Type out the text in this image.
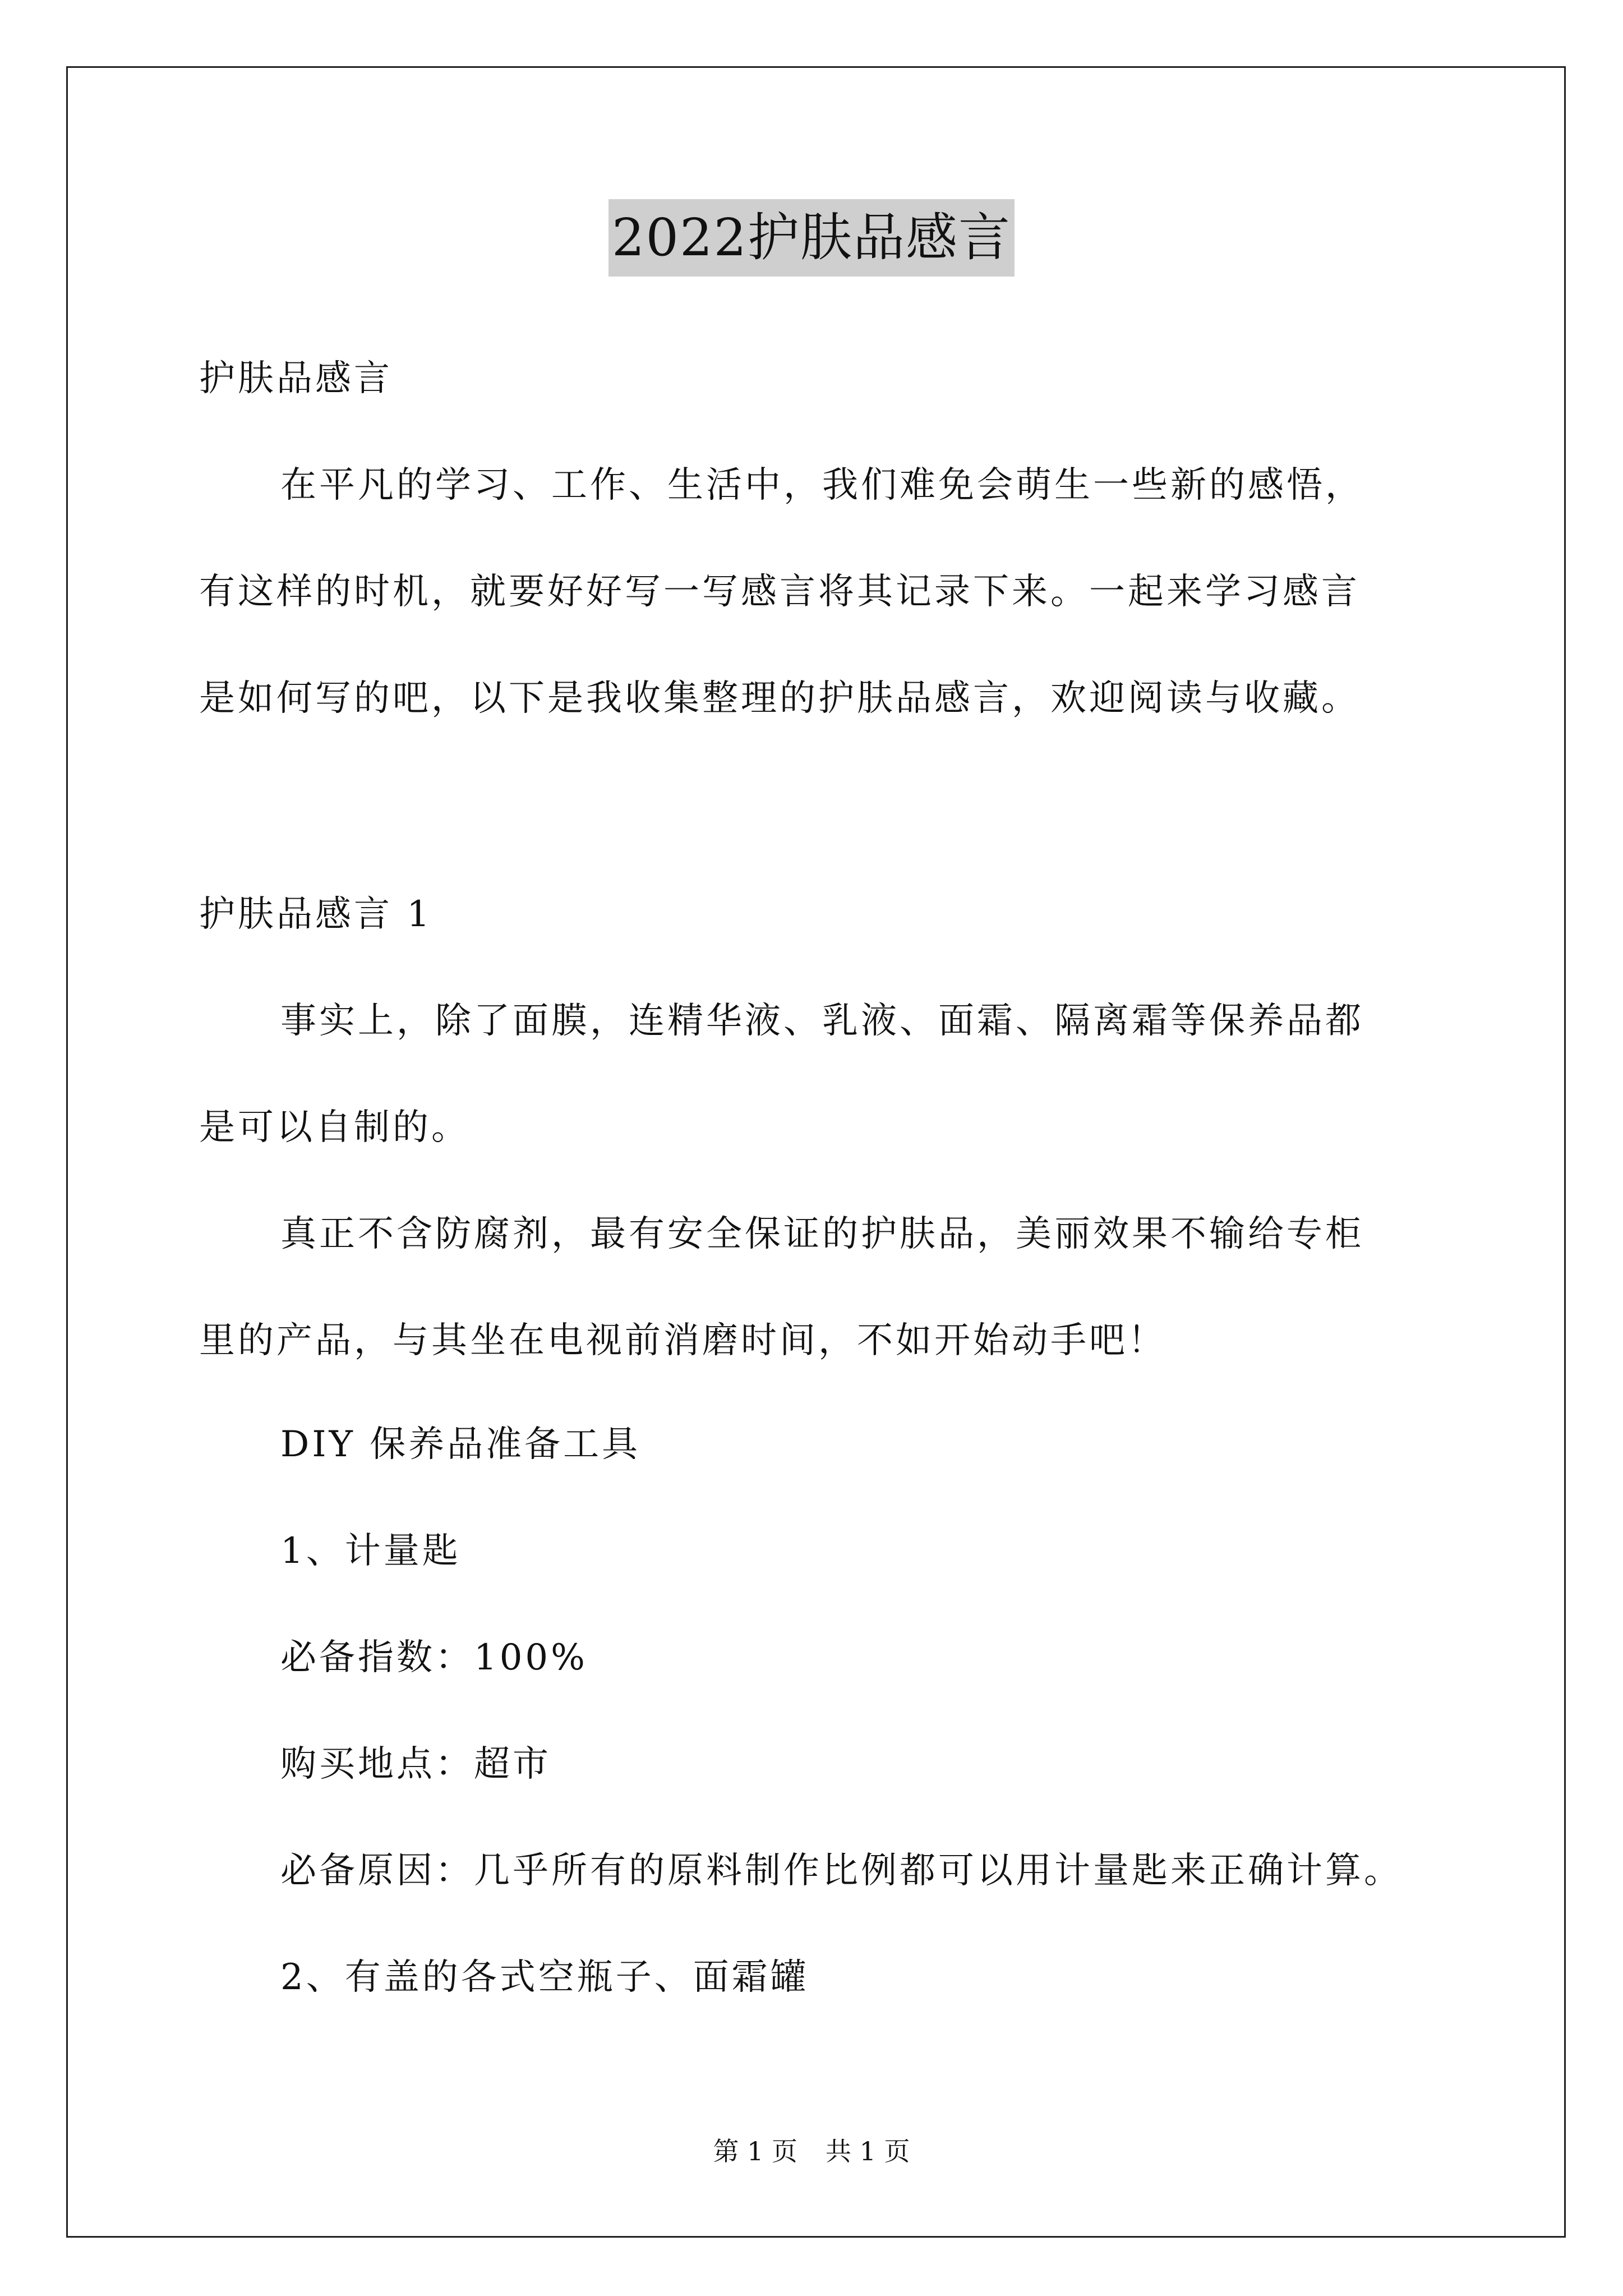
2022护肤品感言
护肤品感言
在平凡的学习、工作、生活中，我们难免会萌生一些新的感悟，
有这样的时机，就要好好写一写感言将其记录下来。一起来学习感言
是如何写的吧，以下是我收集整理的护肤品感言，欢迎阅读与收藏。
护肤品感言 1
事实上，除了面膜，连精华液、乳液、面霜、隔离霜等保养品都
是可以自制的。
真正不含防腐剂，最有安全保证的护肤品，美丽效果不输给专柜
里的产品，与其坐在电视前消磨时间，不如开始动手吧！
DIY 保养品准备工具
1、计量匙
必备指数：100%
购买地点：超市
必备原因：几乎所有的原料制作比例都可以用计量匙来正确计算。
2、有盖的各式空瓶子、面霜罐
第 1 页 共 1 页
